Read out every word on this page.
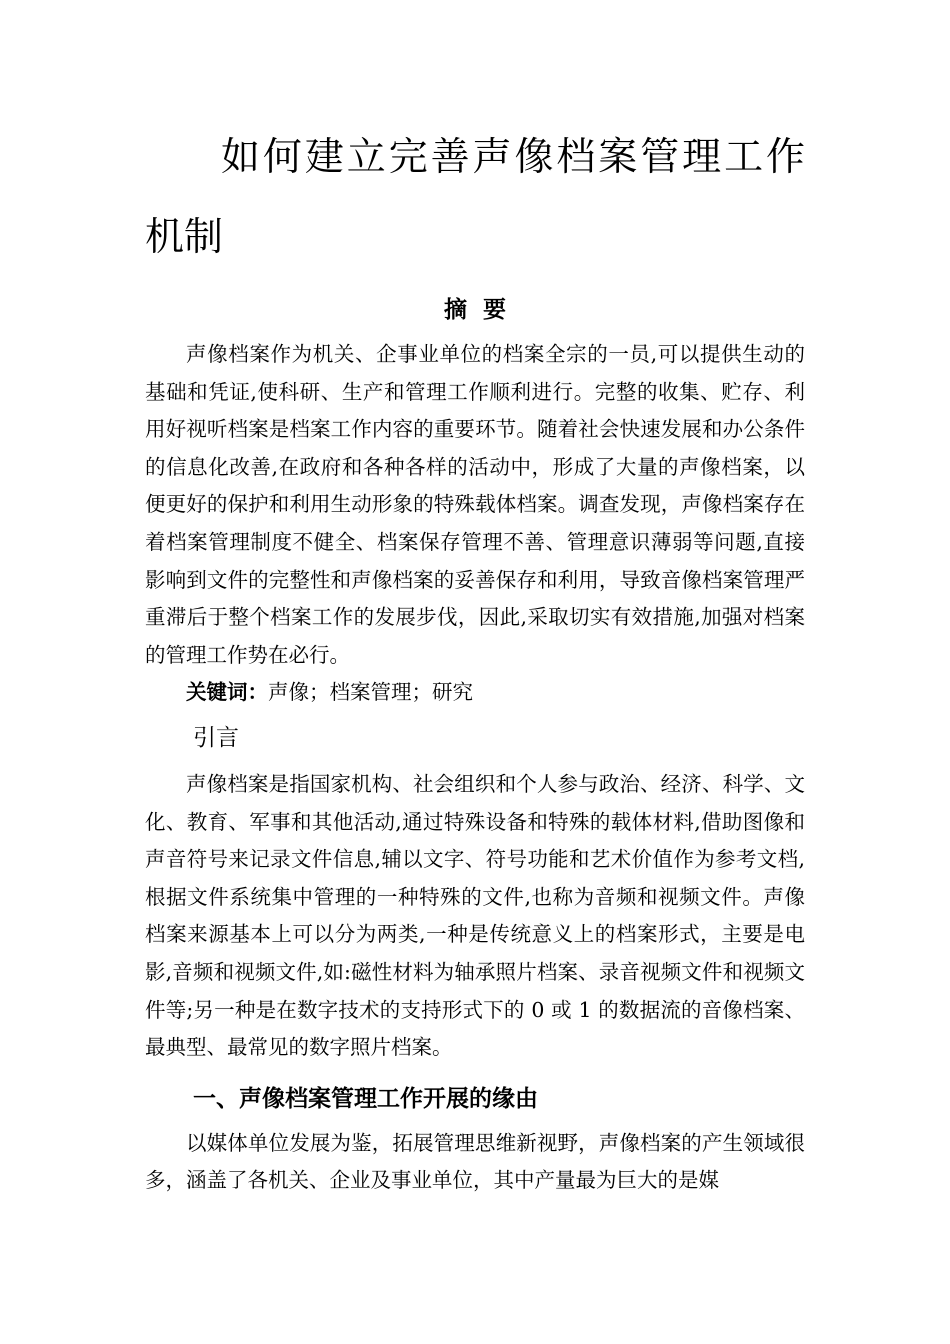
如何建立完善声像档案管理工作机制
摘  要

声像档案作为机关、企事业单位的档案全宗的一员,可以提供生动的基础和凭证,使科研、生产和管理工作顺利进行。完整的收集、贮存、利用好视听档案是档案工作内容的重要环节。随着社会快速发展和办公条件的信息化改善,在政府和各种各样的活动中，形成了大量的声像档案，以便更好的保护和利用生动形象的特殊载体档案。调查发现，声像档案存在着档案管理制度不健全、档案保存管理不善、管理意识薄弱等问题,直接影响到文件的完整性和声像档案的妥善保存和利用，导致音像档案管理严重滞后于整个档案工作的发展步伐，因此,采取切实有效措施,加强对档案的管理工作势在必行。

关键词：声像；档案管理；研究

引言

声像档案是指国家机构、社会组织和个人参与政治、经济、科学、文化、教育、军事和其他活动,通过特殊设备和特殊的载体材料,借助图像和声音符号来记录文件信息,辅以文字、符号功能和艺术价值作为参考文档,根据文件系统集中管理的一种特殊的文件,也称为音频和视频文件。声像档案来源基本上可以分为两类,一种是传统意义上的档案形式，主要是电影,音频和视频文件,如:磁性材料为轴承照片档案、录音视频文件和视频文件等;另一种是在数字技术的支持形式下的 0 或 1 的数据流的音像档案、最典型、最常见的数字照片档案。

一、声像档案管理工作开展的缘由

以媒体单位发展为鉴，拓展管理思维新视野，声像档案的产生领域很多，涵盖了各机关、企业及事业单位，其中产量最为巨大的是媒
